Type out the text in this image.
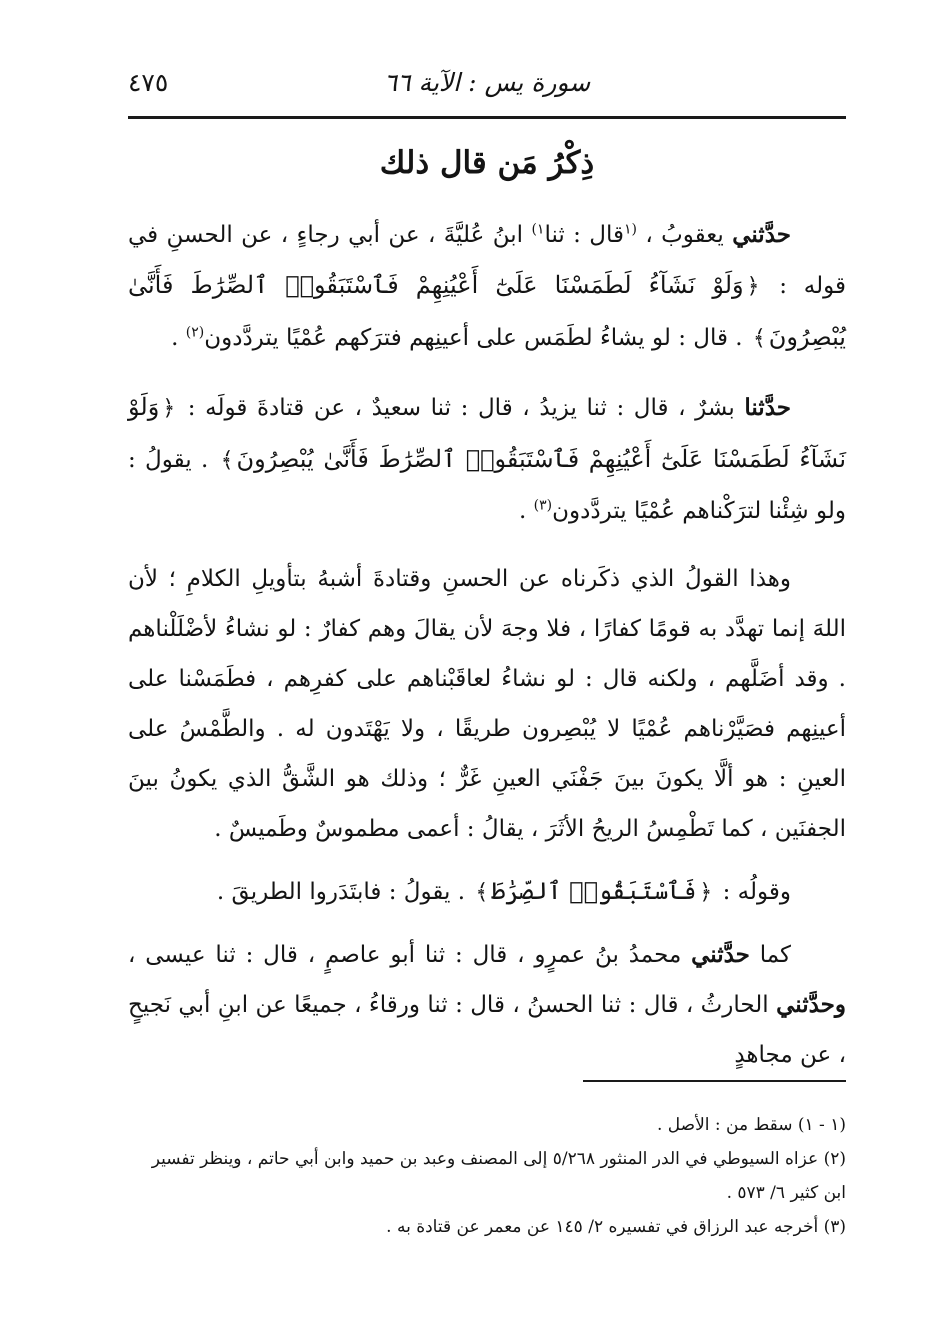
٤٧٥	سورة يس : الآية ٦٦
ذِكْرُ مَن قال ذلك

حدَّثني يعقوبُ ، $^{(١}$قال : ثنا$^{١)}$ ابنُ عُليَّةَ ، عن أبي رجاءٍ ، عن الحسنِ في قوله : ﴿وَلَوْ نَشَآءُ لَطَمَسْنَا عَلَىٰٓ أَعْيُنِهِمْ فَٱسْتَبَقُوا۟ ٱلصِّرَٰطَ فَأَنَّىٰ يُبْصِرُونَ﴾ . قال : لو يشاءُ لطَمَس على أعينِهم فترَكهم عُمْيًا يتردَّدون$^{(٢)}$ .

حدَّثنا بشرٌ ، قال : ثنا يزيدُ ، قال : ثنا سعيدٌ ، عن قتادةَ قولَه : ﴿وَلَوْ نَشَآءُ لَطَمَسْنَا عَلَىٰٓ أَعْيُنِهِمْ فَٱسْتَبَقُوا۟ ٱلصِّرَٰطَ فَأَنَّىٰ يُبْصِرُونَ﴾ . يقولُ : ولو شِئْنا لترَكْناهم عُمْيًا يتردَّدون$^{(٣)}$ .

وهذا القولُ الذي ذكَرناه عن الحسنِ وقتادةَ أشبهُ بتأويلِ الكلامِ ؛ لأن اللهَ إنما تهدَّد به قومًا كفارًا ، فلا وجهَ لأن يقالَ وهم كفارٌ : لو نشاءُ لأضْلَلْناهم . وقد أضَلَّهم ، ولكنه قال : لو نشاءُ لعاقَبْناهم على كفرِهم ، فطَمَسْنا على أعينِهم فصَيَّرْناهم عُمْيًا لا يُبْصِرون طريقًا ، ولا يَهْتَدون له . والطَّمْسُ على العينِ : هو ألَّا يكونَ بينَ جَفْنَي العينِ غَرٌّ ؛ وذلك هو الشَّقُّ الذي يكونُ بينَ الجفنَين ، كما تَطْمِسُ الريحُ الأثَرَ ، يقالُ : أعمى مطموسٌ وطَميسٌ .

وقولُه : ﴿فَٱسْتَبَقُوا۟ ٱلصِّرَٰطَ﴾ . يقولُ : فابتَدَروا الطريقَ .

كما حدَّثني محمدُ بنُ عمرٍو ، قال : ثنا أبو عاصمٍ ، قال : ثنا عيسى ، وحدَّثني الحارثُ ، قال : ثنا الحسنُ ، قال : ثنا ورقاءُ ، جميعًا عن ابنِ أبي نَجيحٍ ، عن مجاهدٍ

(١ - ١) سقط من : الأصل .

(٢) عزاه السيوطي في الدر المنثور ٥/٢٦٨ إلى المصنف وعبد بن حميد وابن أبي حاتم ، وينظر تفسير ابن كثير ٦/ ٥٧٣ .

(٣) أخرجه عبد الرزاق في تفسيره ٢/ ١٤٥ عن معمر عن قتادة به .
